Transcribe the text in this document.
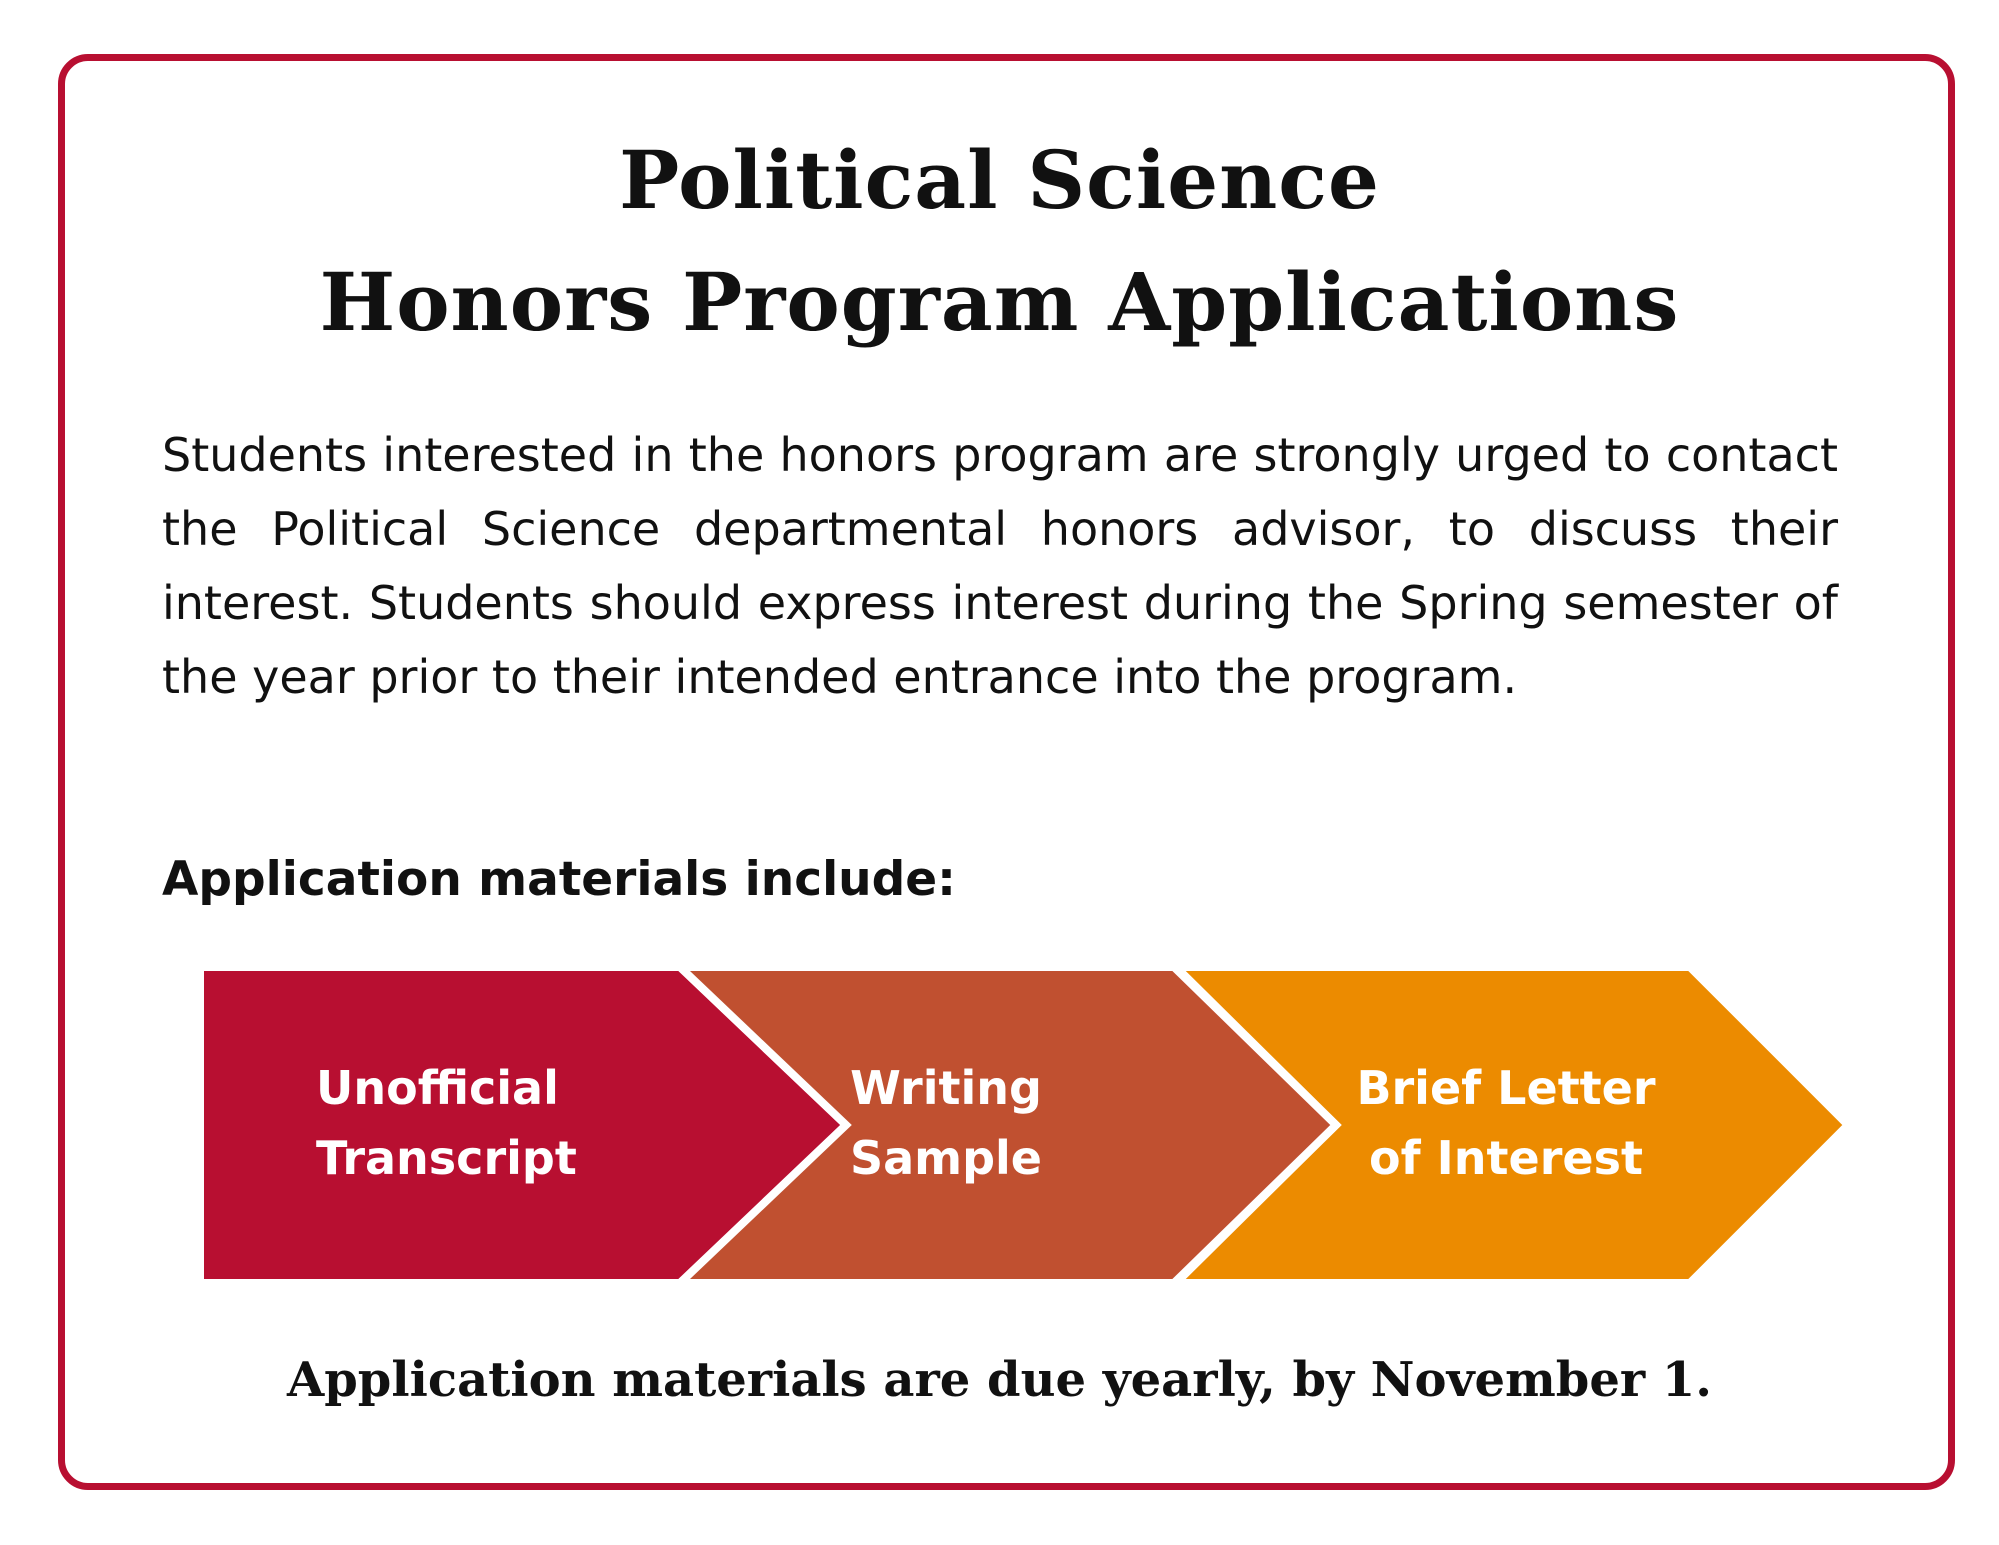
Political Science
Honors Program Applications

Students interested in the honors program are strongly urged to contact the Political Science departmental honors advisor, to discuss their interest. Students should express interest during the Spring semester of the year prior to their intended entrance into the program.

Application materials include:
Unofficial
Transcript
Writing
Sample
Brief Letter
of Interest

Application materials are due yearly, by November 1.
